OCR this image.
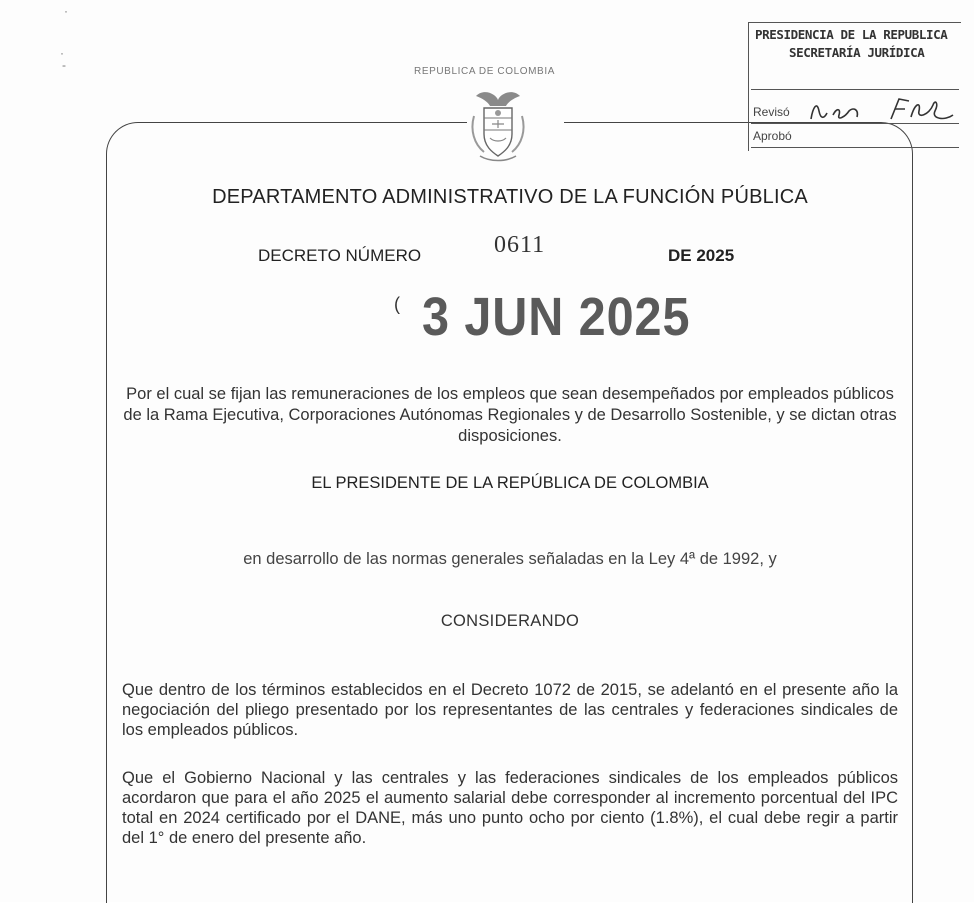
PRESIDENCIA DE LA REPUBLICA
SECRETARÍA JURÍDICA
Revisó
Aprobó
·
·
-	REPUBLICA DE COLOMBIA
DEPARTAMENTO ADMINISTRATIVO DE LA FUNCIÓN PÚBLICA
DECRETO NÚMERO	0611	DE 2025
( 3 JUN 2025
Por el cual se fijan las remuneraciones de los empleos que sean desempeñados por empleados públicos de la Rama Ejecutiva, Corporaciones Autónomas Regionales y de Desarrollo Sostenible, y se dictan otras disposiciones.
EL PRESIDENTE DE LA REPÚBLICA DE COLOMBIA
en desarrollo de las normas generales señaladas en la Ley 4ª de 1992, y
CONSIDERANDO
Que dentro de los términos establecidos en el Decreto 1072 de 2015, se adelantó en el presente año la negociación del pliego presentado por los representantes de las centrales y federaciones sindicales de los empleados públicos.
Que el Gobierno Nacional y las centrales y las federaciones sindicales de los empleados públicos acordaron que para el año 2025 el aumento salarial debe corresponder al incremento porcentual del IPC total en 2024 certificado por el DANE, más uno punto ocho por ciento (1.8%), el cual debe regir a partir del 1° de enero del presente año.
